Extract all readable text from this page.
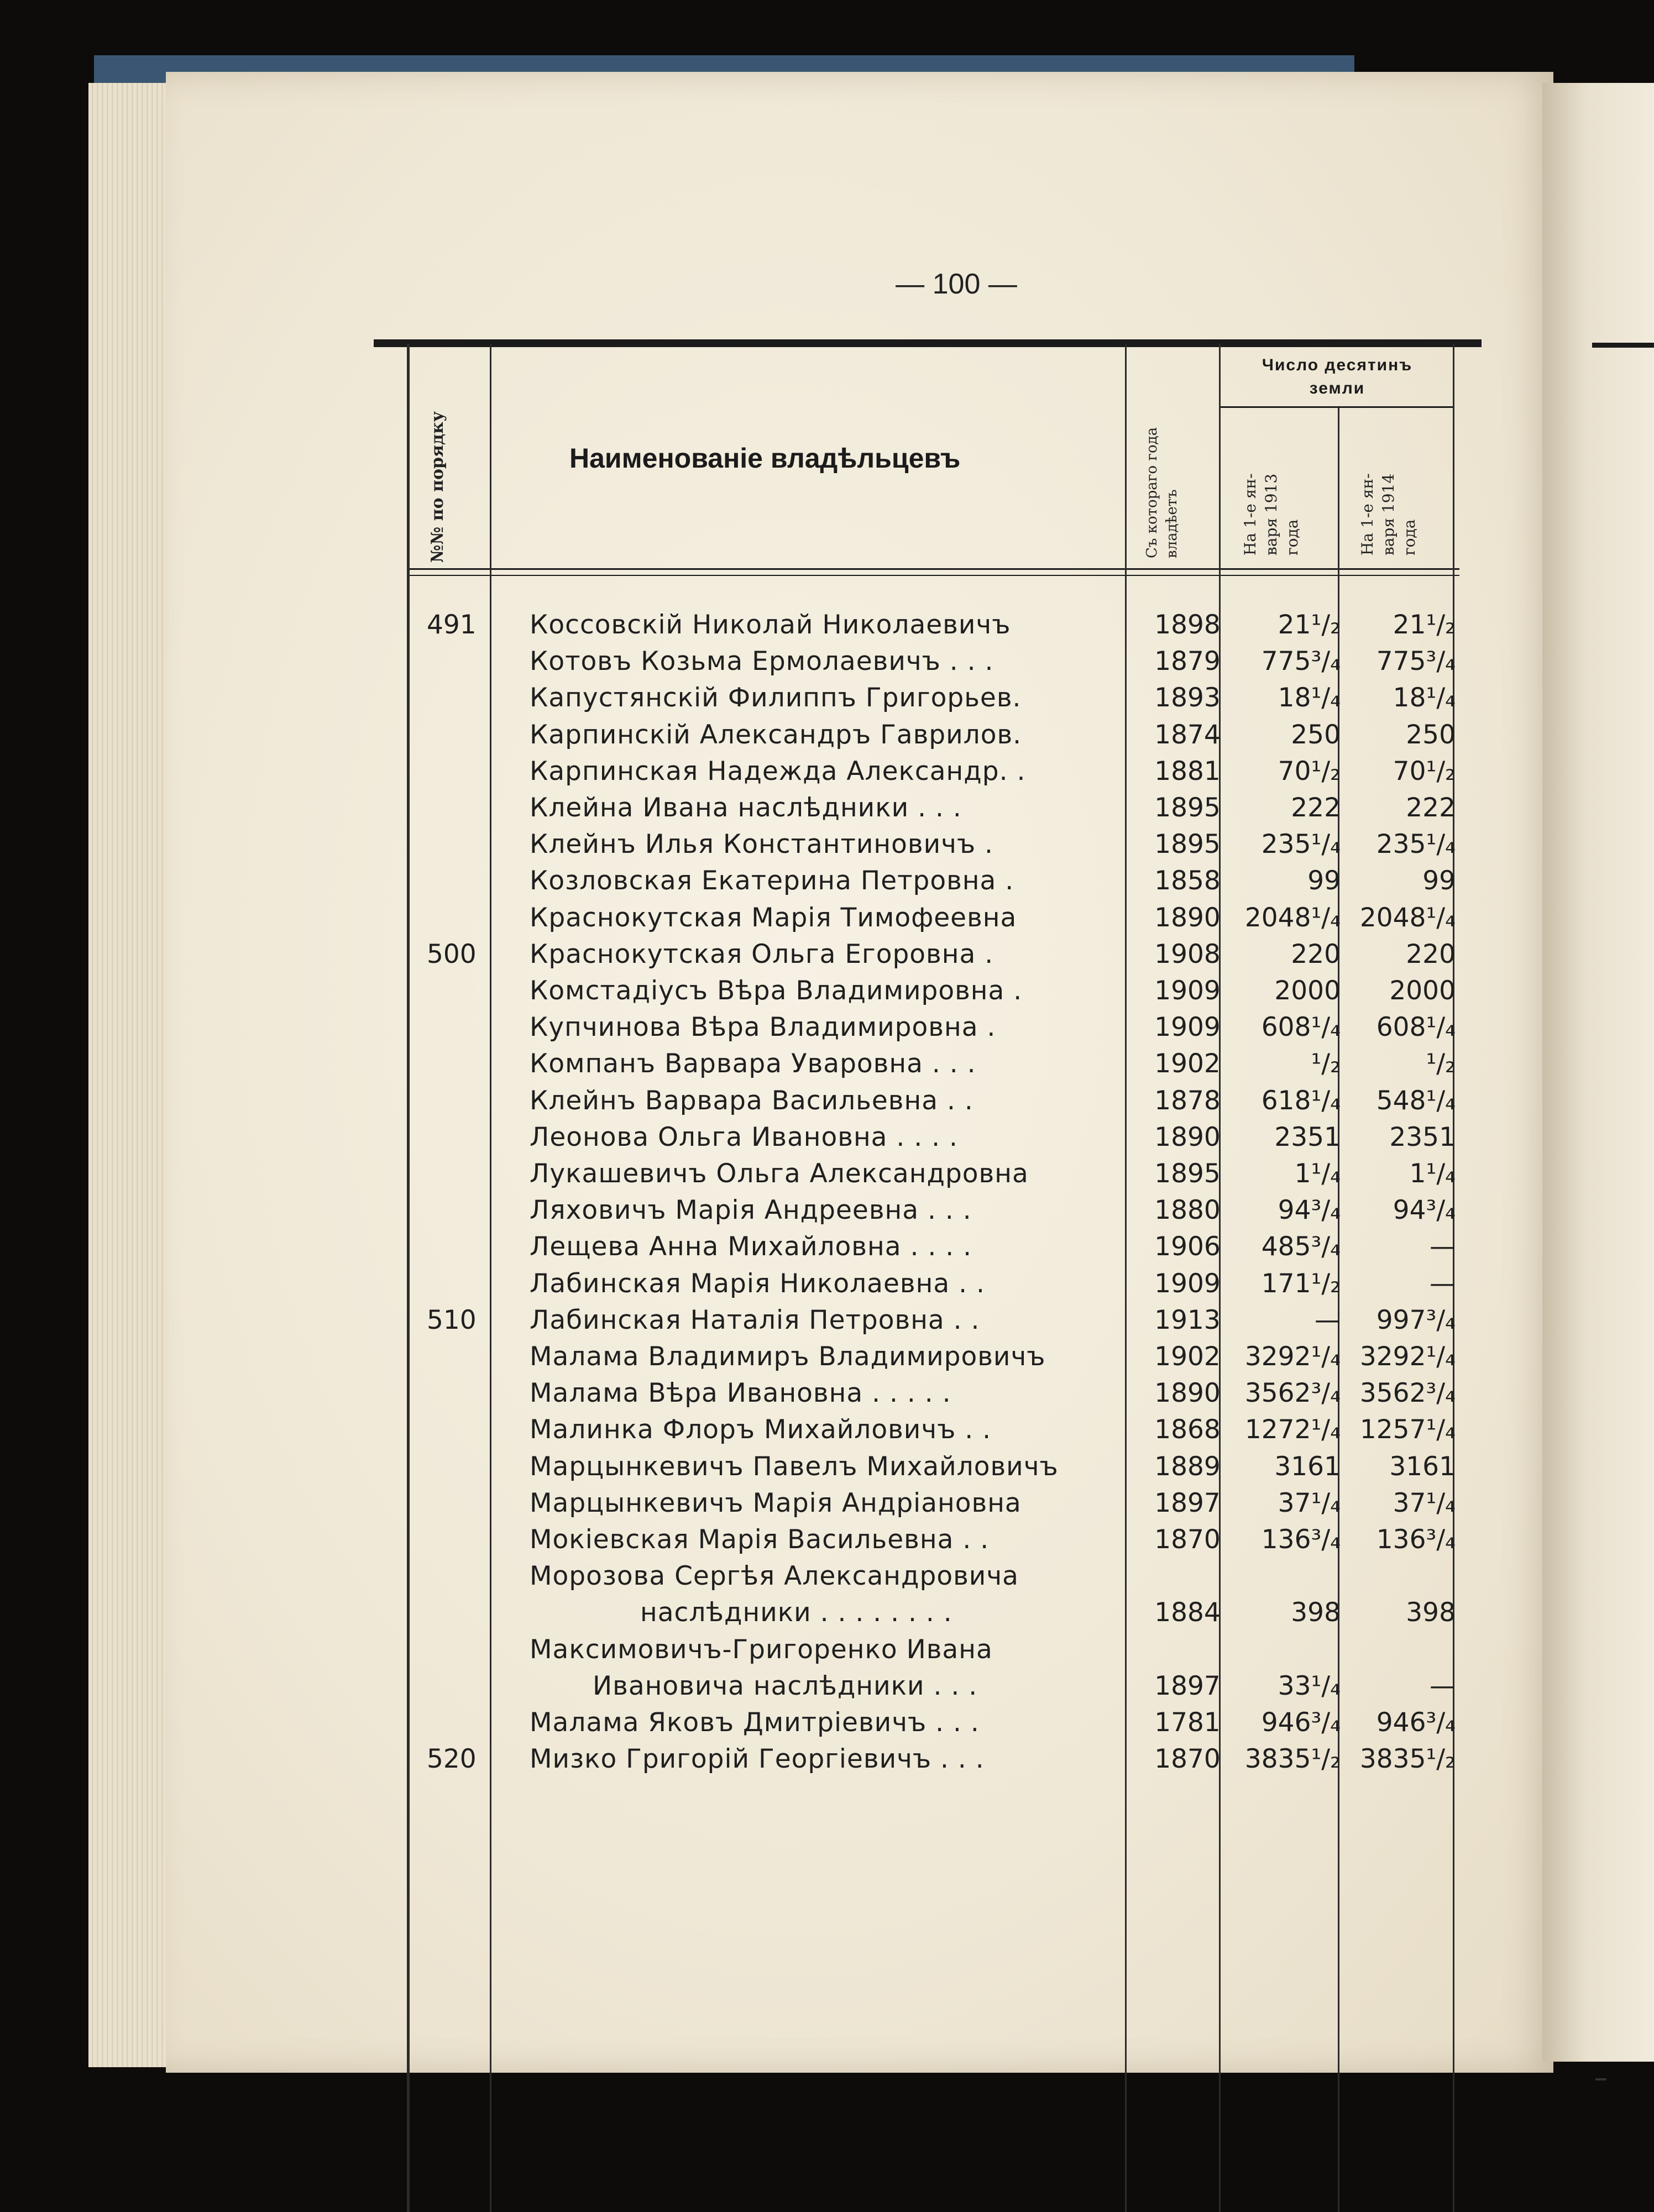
— 100 —
№№ по порядку	Наименованіе владѣльцевъ	Съ котораго года владѣетъ
Число десятинъ
земли
На 1-е ян- варя 1913 года	На 1-е ян- варя 1914 года
491	Коссовскій Николай Николаевичъ	1898	21¹/₂	21¹/₂
Котовъ Козьма Ермолаевичъ . . .	1879	775³/₄	775³/₄
Капустянскій Филиппъ Григорьев.	1893	18¹/₄	18¹/₄
Карпинскій Александръ Гаврилов.	1874	250	250
Карпинская Надежда Александр. .	1881	70¹/₂	70¹/₂
Клейна Ивана наслѣдники . . .	1895	222	222
Клейнъ Илья Константиновичъ .	1895	235¹/₄	235¹/₄
Козловская Екатерина Петровна .	1858	99	99
Краснокутская Марія Тимофеевна	1890 2048¹/₄ 2048¹/₄
500	Краснокутская Ольга Егоровна .	1908	220	220
Комстадіусъ Вѣра Владимировна .	1909	2000	2000
Купчинова Вѣра Владимировна .	1909	608¹/₄	608¹/₄
Компанъ Варвара Уваровна . . .	1902	¹/₂	¹/₂
Клейнъ Варвара Васильевна . .	1878	618¹/₄	548¹/₄
Леонова Ольга Ивановна . . . .	1890	2351	2351
Лукашевичъ Ольга Александровна	1895	1¹/₄	1¹/₄
Ляховичъ Марія Андреевна . . .	1880	94³/₄	94³/₄
Лещева Анна Михайловна . . . .	1906	485³/₄	—
Лабинская Марія Николаевна . .	1909	171¹/₂	—
510	Лабинская Наталія Петровна . .	1913	—	997³/₄
Малама Владимиръ Владимировичъ	1902 3292¹/₄ 3292¹/₄
Малама Вѣра Ивановна . . . . .	1890 3562³/₄ 3562³/₄
Малинка Флоръ Михайловичъ . .	1868 1272¹/₄ 1257¹/₄
Марцынкевичъ Павелъ Михайловичъ	1889	3161	3161
Марцынкевичъ Марія Андріановна	1897	37¹/₄	37¹/₄
Мокіевская Марія Васильевна . .	1870	136³/₄	136³/₄
Морозова Сергѣя Александровича
наслѣдники . . . . . . . .	1884	398	398
Максимовичъ-Григоренко Ивана
Ивановича наслѣдники . . .	1897	33¹/₄	—
Малама Яковъ Дмитріевичъ . . .	1781	946³/₄	946³/₄
520	Мизко Григорій Георгіевичъ . . .	1870 3835¹/₂ 3835¹/₂
